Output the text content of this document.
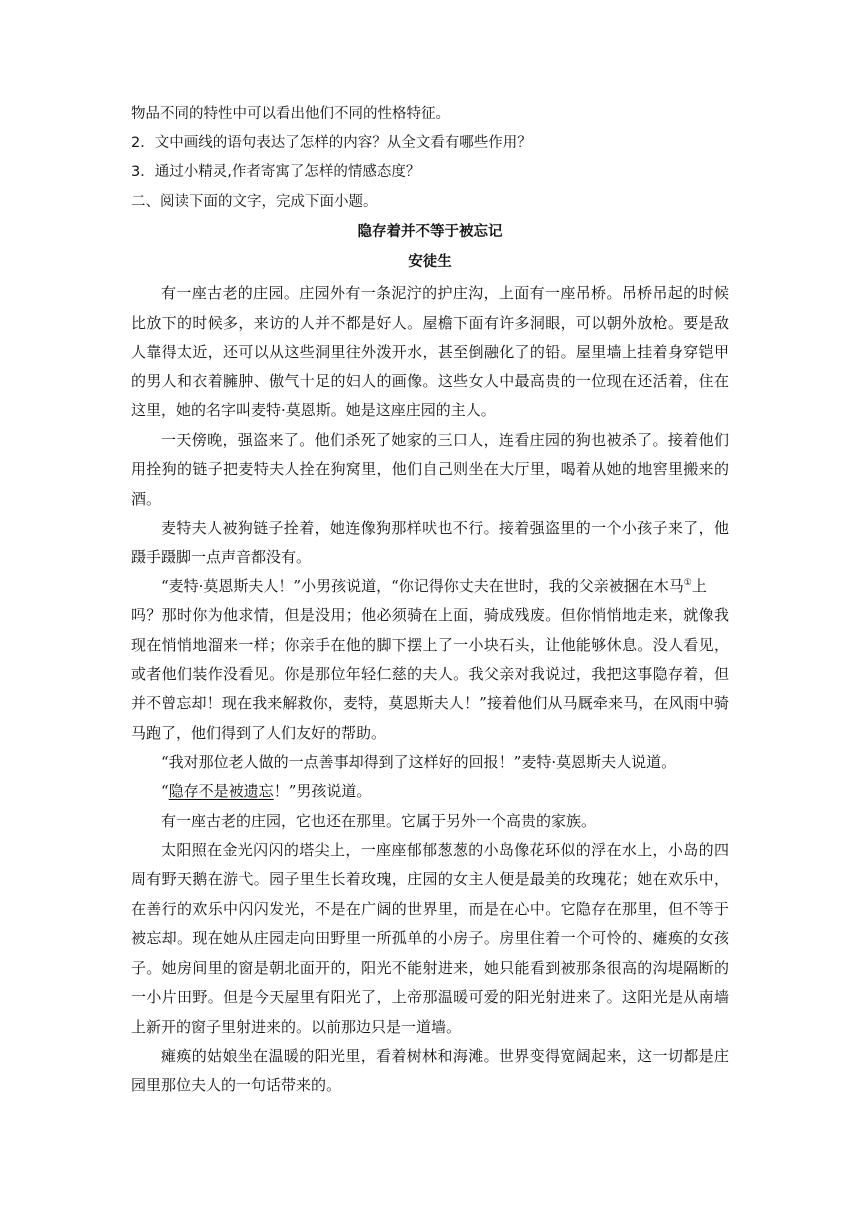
物品不同的特性中可以看出他们不同的性格特征。
2．文中画线的语句表达了怎样的内容？从全文看有哪些作用？
3．通过小精灵,作者寄寓了怎样的情感态度？
二、阅读下面的文字，完成下面小题。
隐存着并不等于被忘记
安徒生
有一座古老的庄园。庄园外有一条泥泞的护庄沟，上面有一座吊桥。吊桥吊起的时候
比放下的时候多，来访的人并不都是好人。屋檐下面有许多洞眼，可以朝外放枪。要是敌
人靠得太近，还可以从这些洞里往外泼开水，甚至倒融化了的铅。屋里墙上挂着身穿铠甲
的男人和衣着臃肿、傲气十足的妇人的画像。这些女人中最高贵的一位现在还活着，住在
这里，她的名字叫麦特·莫恩斯。她是这座庄园的主人。
一天傍晚，强盗来了。他们杀死了她家的三口人，连看庄园的狗也被杀了。接着他们
用拴狗的链子把麦特夫人拴在狗窝里，他们自己则坐在大厅里，喝着从她的地窖里搬来的
酒。
麦特夫人被狗链子拴着，她连像狗那样吠也不行。接着强盗里的一个小孩子来了，他
蹑手蹑脚一点声音都没有。
“麦特·莫恩斯夫人！”小男孩说道，“你记得你丈夫在世时，我的父亲被捆在木马①上
吗？那时你为他求情，但是没用；他必须骑在上面，骑成残废。但你悄悄地走来，就像我
现在悄悄地溜来一样；你亲手在他的脚下摆上了一小块石头，让他能够休息。没人看见，
或者他们装作没看见。你是那位年轻仁慈的夫人。我父亲对我说过，我把这事隐存着，但
并不曾忘却！现在我来解救你，麦特，莫恩斯夫人！”接着他们从马厩牵来马，在风雨中骑
马跑了，他们得到了人们友好的帮助。
“我对那位老人做的一点善事却得到了这样好的回报！”麦特·莫恩斯夫人说道。
“隐存不是被遗忘！”男孩说道。
有一座古老的庄园，它也还在那里。它属于另外一个高贵的家族。
太阳照在金光闪闪的塔尖上，一座座郁郁葱葱的小岛像花环似的浮在水上，小岛的四
周有野天鹅在游弋。园子里生长着玫瑰，庄园的女主人便是最美的玫瑰花；她在欢乐中，
在善行的欢乐中闪闪发光，不是在广阔的世界里，而是在心中。它隐存在那里，但不等于
被忘却。现在她从庄园走向田野里一所孤单的小房子。房里住着一个可怜的、瘫痪的女孩
子。她房间里的窗是朝北面开的，阳光不能射进来，她只能看到被那条很高的沟堤隔断的
一小片田野。但是今天屋里有阳光了，上帝那温暖可爱的阳光射进来了。这阳光是从南墙
上新开的窗子里射进来的。以前那边只是一道墙。
瘫痪的姑娘坐在温暖的阳光里，看着树林和海滩。世界变得宽阔起来，这一切都是庄
园里那位夫人的一句话带来的。
